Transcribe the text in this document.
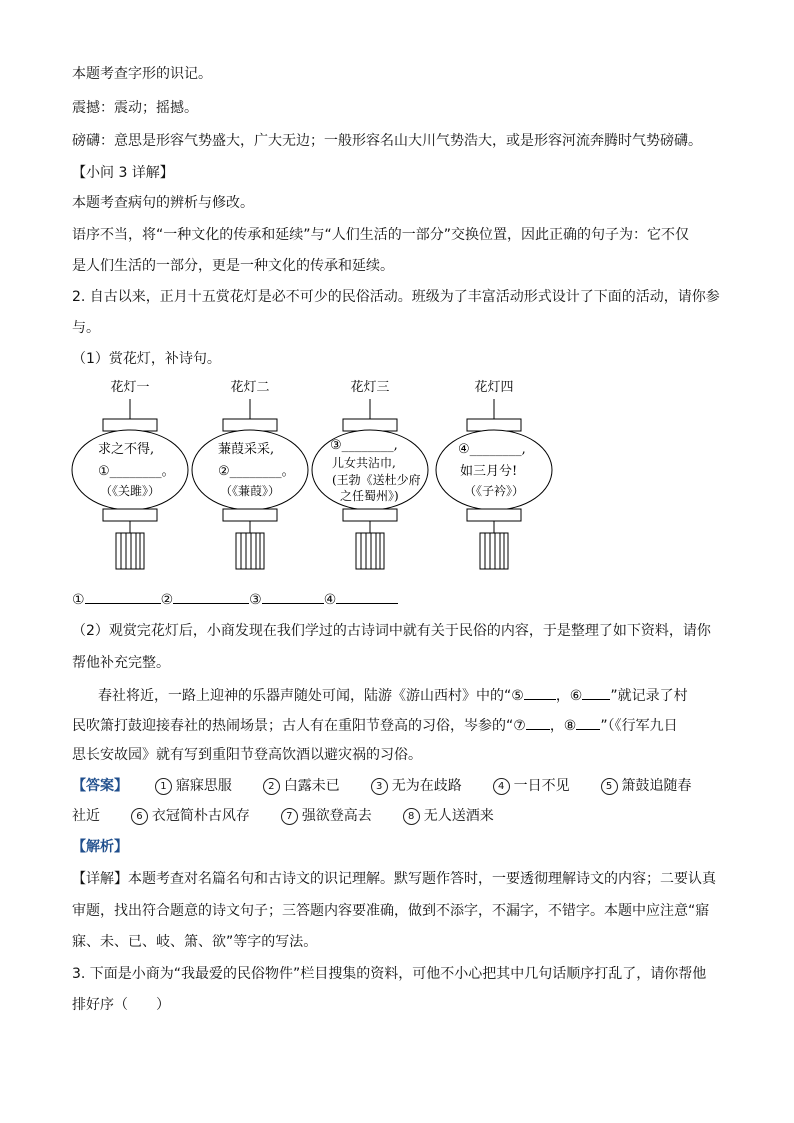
本题考查字形的识记。
震撼：震动；摇撼。
磅礴：意思是形容气势盛大，广大无边；一般形容名山大川气势浩大，或是形容河流奔腾时气势磅礴。
【小问 3 详解】
本题考查病句的辨析与修改。
语序不当，将“一种文化的传承和延续”与“人们生活的一部分”交换位置，因此正确的句子为：它不仅
是人们生活的一部分，更是一种文化的传承和延续。
2. 自古以来，正月十五赏花灯是必不可少的民俗活动。班级为了丰富活动形式设计了下面的活动，请你参
与。
（1）赏花灯，补诗句。
花灯一
求之不得,
①________。
（《关雎》）
花灯二
蒹葭采采,
②________。
（《蒹葭》）
花灯三
③________,
儿女共沾巾,
(王勃《送杜少府
之任蜀州》)
花灯四
④________,
如三月兮!
（《子衿》）
①	②	③	④
（2）观赏完花灯后，小商发现在我们学过的古诗词中就有关于民俗的内容，于是整理了如下资料，请你
帮他补充完整。
春社将近，一路上迎神的乐器声随处可闻，陆游《游山西村》中的“⑤ ，⑥ ”就记录了村
民吹箫打鼓迎接春社的热闹场景；古人有在重阳节登高的习俗，岑参的“⑦ ，⑧ ”（《行军九日
思长安故园》就有写到重阳节登高饮酒以避灾祸的习俗。
【答案】	1 寤寐思服	2 白露未已	3 无为在歧路	4 一日不见	5 箫鼓追随春
社近	6 衣冠简朴古风存	7 强欲登高去	8 无人送酒来
【解析】
【详解】本题考查对名篇名句和古诗文的识记理解。默写题作答时，一要透彻理解诗文的内容；二要认真
审题，找出符合题意的诗文句子；三答题内容要准确，做到不添字，不漏字，不错字。本题中应注意“寤
寐、未、已、岐、箫、欲”等字的写法。
3. 下面是小商为“我最爱的民俗物件”栏目搜集的资料，可他不小心把其中几句话顺序打乱了，请你帮他
排好序（　　）
